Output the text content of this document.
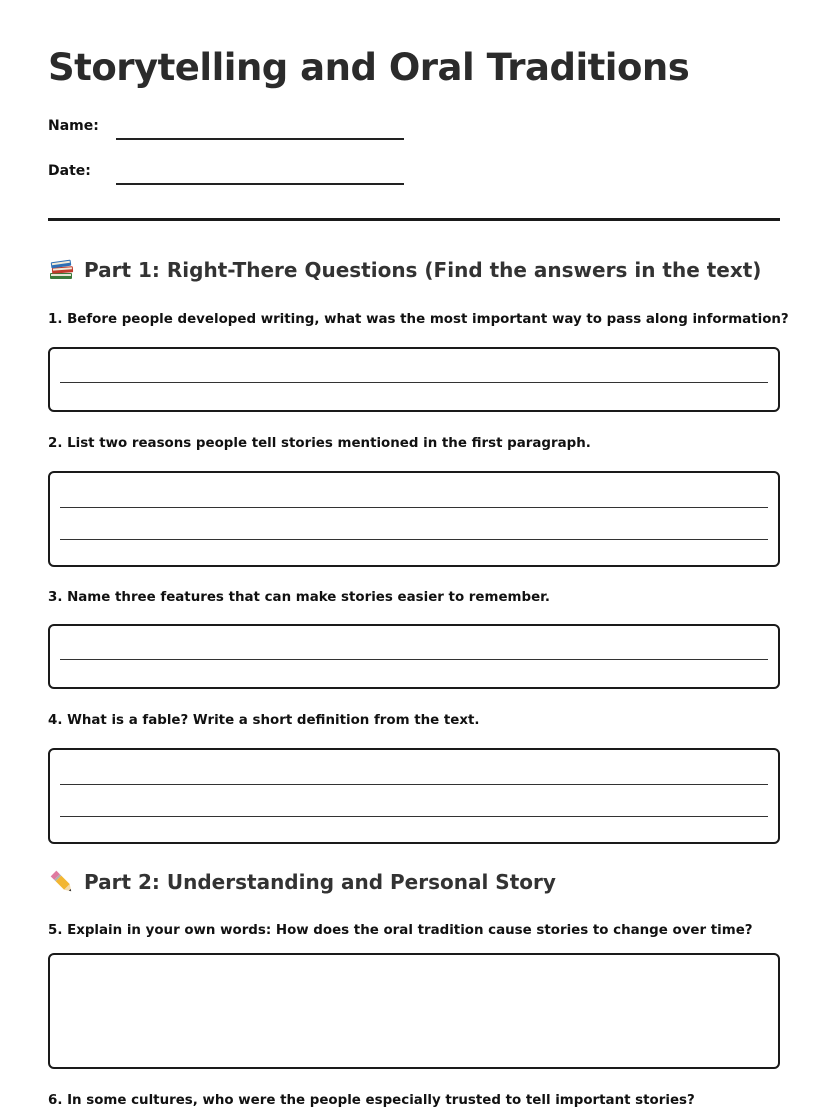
Storytelling and Oral Traditions
Name:
Date:
Part 1: Right-There Questions (Find the answers in the text)

1. Before people developed writing, what was the most important way to pass along information?

2. List two reasons people tell stories mentioned in the first paragraph.

3. Name three features that can make stories easier to remember.

4. What is a fable? Write a short definition from the text.

Part 2: Understanding and Personal Story

5. Explain in your own words: How does the oral tradition cause stories to change over time?

6. In some cultures, who were the people especially trusted to tell important stories?
